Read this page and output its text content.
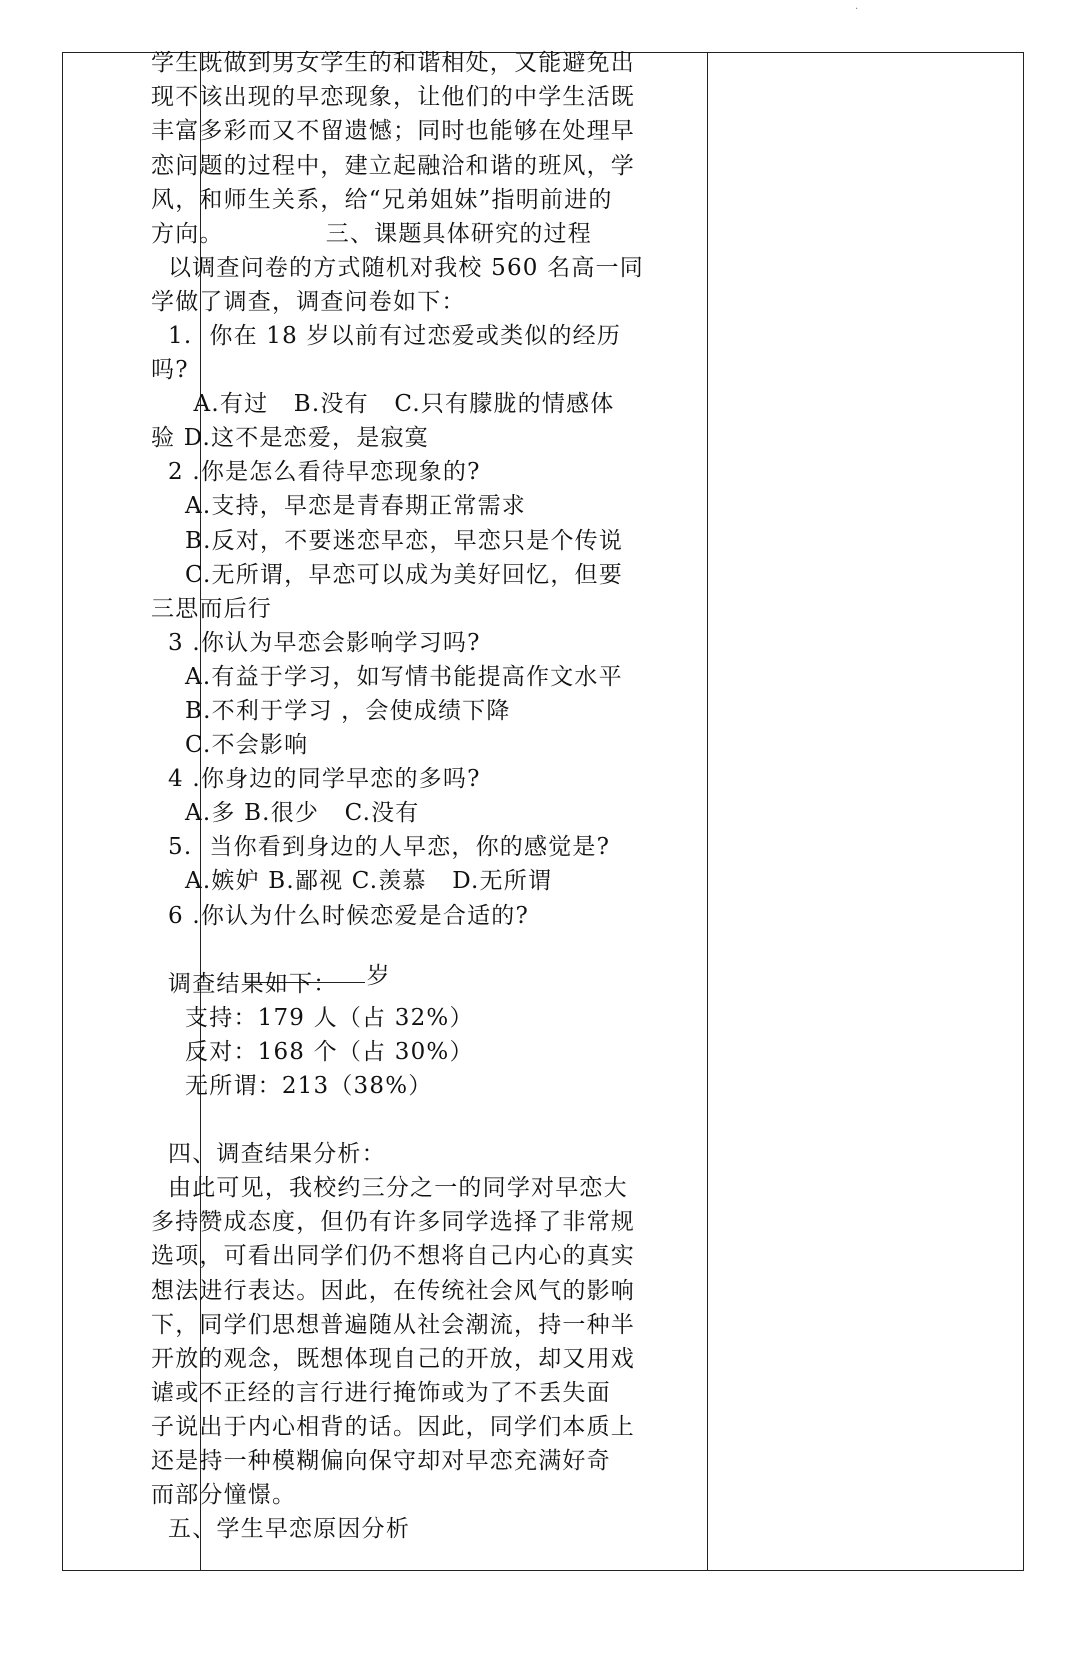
.

学生既做到男女学生的和谐相处，又能避免出
现不该出现的早恋现象，让他们的中学生活既
丰富多彩而又不留遗憾；同时也能够在处理早
恋问题的过程中，建立起融洽和谐的班风，学
风，和师生关系，给“兄弟姐妹”指明前进的
方向。            三、课题具体研究的过程
以调查问卷的方式随机对我校 560 名高一同
学做了调查，调查问卷如下：
1.  你在 18 岁以前有过恋爱或类似的经历
吗?
A.有过   B.没有   C.只有朦胧的情感体
验 D.这不是恋爱，是寂寞
2 .你是怎么看待早恋现象的?
A.支持，早恋是青春期正常需求
B.反对，不要迷恋早恋，早恋只是个传说
C.无所谓，早恋可以成为美好回忆，但要
三思而后行
3 .你认为早恋会影响学习吗?
A.有益于学习，如写情书能提高作文水平
B.不利于学习 ，会使成绩下降
C.不会影响
4 .你身边的同学早恋的多吗?
A.多 B.很少   C.没有
5.  当你看到身边的人早恋，你的感觉是?
A.嫉妒 B.鄙视 C.羡慕   D.无所谓
6 .你认为什么时候恋爱是合适的?

岁

调查结果如下：
支持：179 人（占 32%）
反对：168 个（占 30%）
无所谓：213（38%）
四、调查结果分析：
由此可见，我校约三分之一的同学对早恋大
多持赞成态度，但仍有许多同学选择了非常规
选项，可看出同学们仍不想将自己内心的真实
想法进行表达。因此，在传统社会风气的影响
下，同学们思想普遍随从社会潮流，持一种半
开放的观念，既想体现自己的开放，却又用戏
谑或不正经的言行进行掩饰或为了不丢失面
子说出于内心相背的话。因此，同学们本质上
还是持一种模糊偏向保守却对早恋充满好奇
而部分憧憬。
五、学生早恋原因分析
